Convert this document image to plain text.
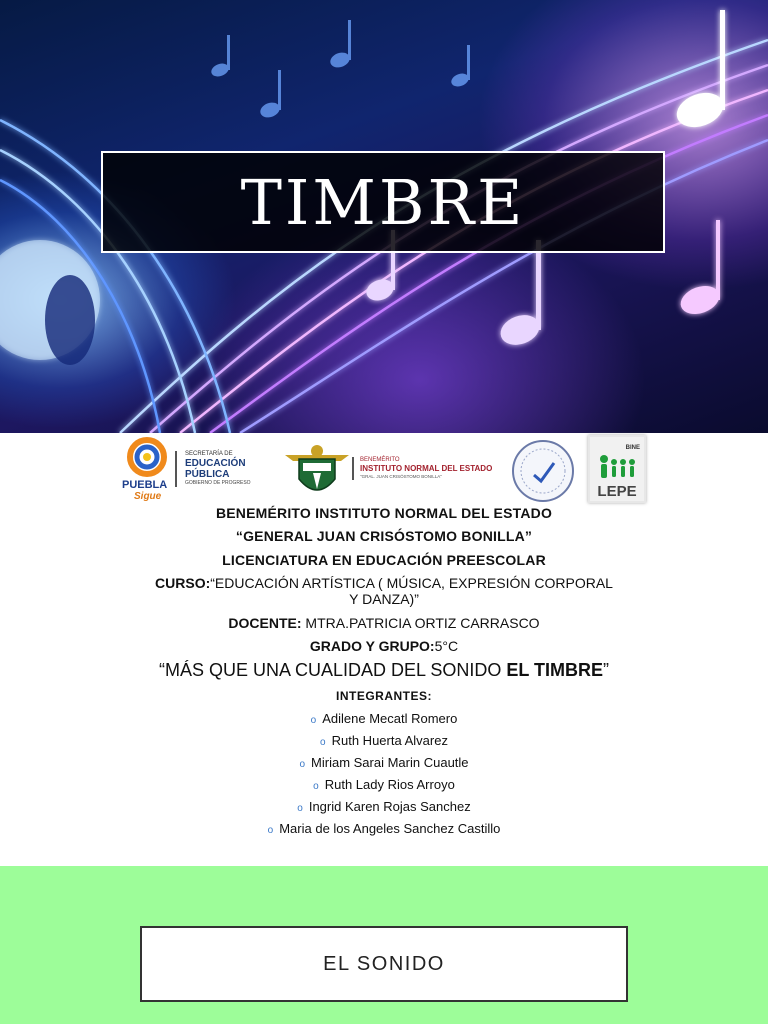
TIMBRE
PUEBLA
Sigue
SECRETARÍA DE
EDUCACIÓN PÚBLICA
GOBIERNO DE PROGRESO
BENEMÉRITO
INSTITUTO NORMAL DEL ESTADO
"GRAL. JUAN CRISÓSTOMO BONILLA"
BINE
LEPE
BENEMÉRITO INSTITUTO NORMAL DEL ESTADO
“GENERAL JUAN CRISÓSTOMO BONILLA”
LICENCIATURA EN EDUCACIÓN PREESCOLAR
CURSO:“EDUCACIÓN ARTÍSTICA ( MÚSICA, EXPRESIÓN CORPORAL Y DANZA)”
DOCENTE: MTRA.PATRICIA ORTIZ CARRASCO
GRADO Y GRUPO:5°C
“MÁS QUE UNA CUALIDAD DEL SONIDO EL TIMBRE”
INTEGRANTES:
o Adilene Mecatl Romero
o Ruth Huerta Alvarez
o Miriam Sarai Marin Cuautle
o Ruth Lady Rios Arroyo
o Ingrid Karen Rojas Sanchez
o Maria de los Angeles Sanchez Castillo
EL SONIDO
